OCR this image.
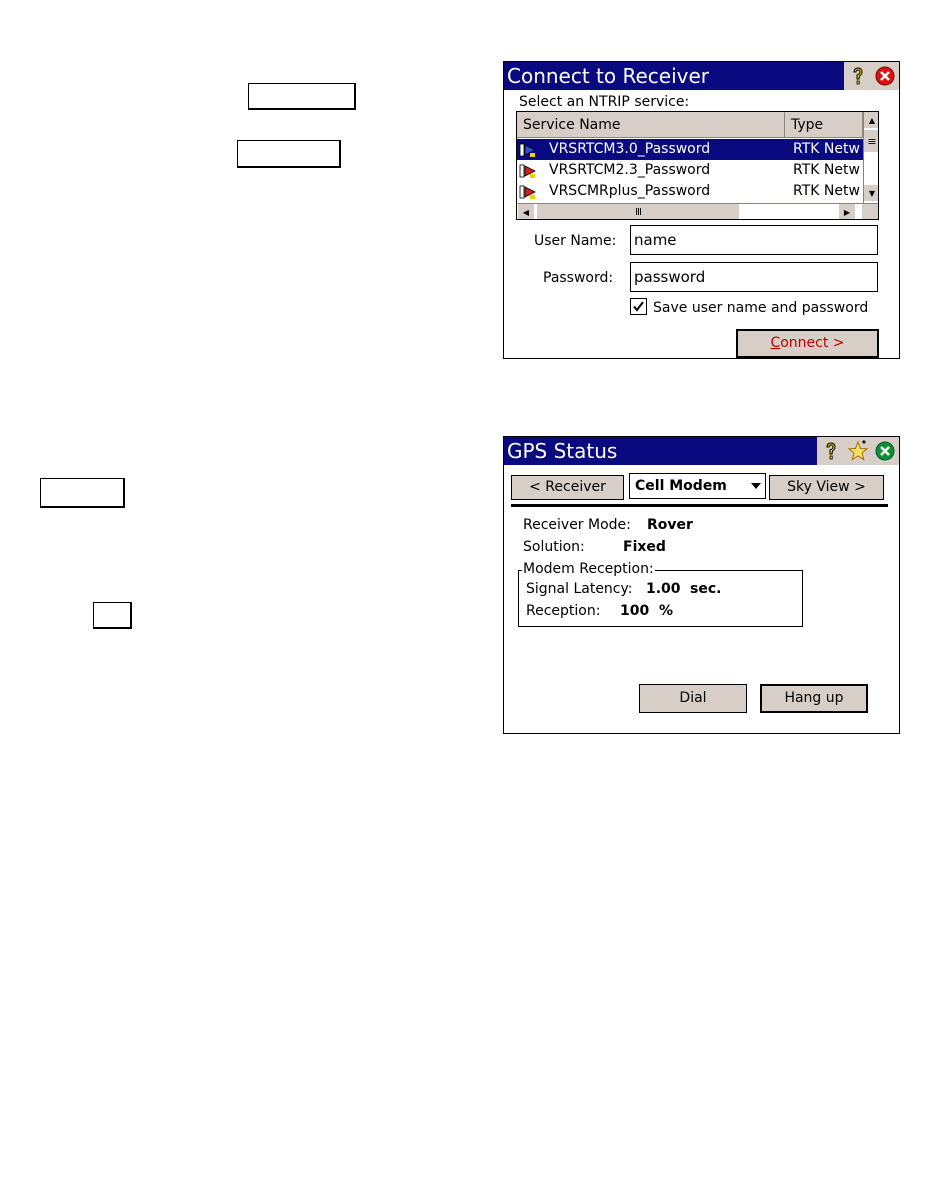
Connect to Receiver
Select an NTRIP service:
Service Name	Type
VRSRTCM3.0_Password	RTK Netw
VRSRTCM2.3_Password	RTK Netw
VRSCMRplus_Password	RTK Netw
▲
≡
▼
◀	III	▶
User Name: name
Password: password
Save user name and password
Connect >
GPS Status
< Receiver	Cell Modem	Sky View >
Receiver Mode: Rover
Solution:	Fixed
Modem Reception:
Signal Latency: 1.00 sec.
Reception: 100 %
Dial	Hang up
